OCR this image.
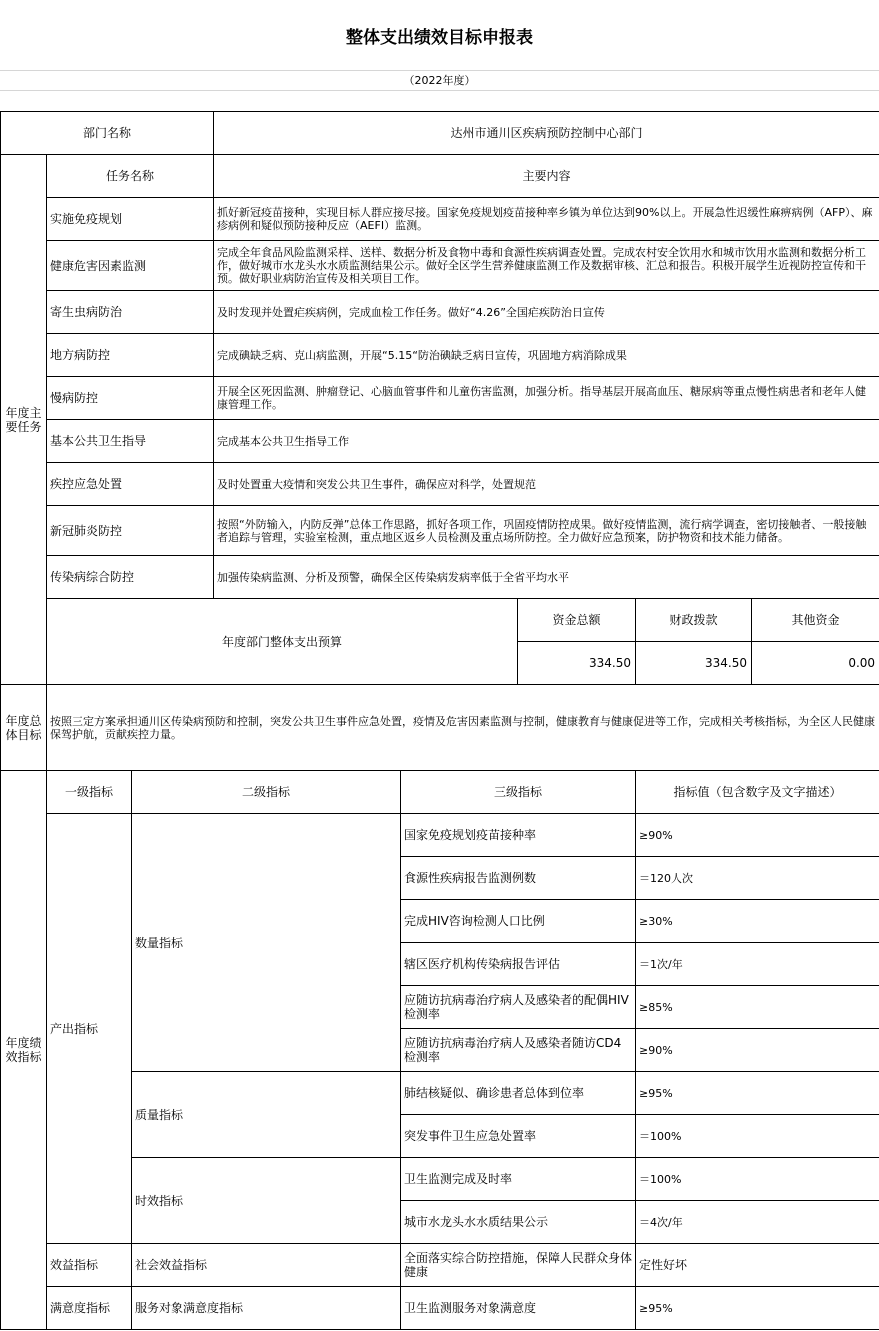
整体支出绩效目标申报表
（2022年度）
部门名称			达州市通川区疾病预防控制中心部门				
年度主要任务	任务名称		主要内容				
	实施免疫规划		抓好新冠疫苗接种，实现目标人群应接尽接。国家免疫规划疫苗接种率乡镇为单位达到90%以上。开展急性迟缓性麻痹病例（AFP）、麻疹病例和疑似预防接种反应（AEFI）监测。				
	健康危害因素监测		完成全年食品风险监测采样、送样、数据分析及食物中毒和食源性疾病调查处置。完成农村安全饮用水和城市饮用水监测和数据分析工作，做好城市水龙头水水质监测结果公示。做好全区学生营养健康监测工作及数据审核、汇总和报告。积极开展学生近视防控宣传和干预。做好职业病防治宣传及相关项目工作。				
	寄生虫病防治		及时发现并处置疟疾病例，完成血检工作任务。做好“4.26”全国疟疾防治日宣传				
	地方病防控		完成碘缺乏病、克山病监测，开展“5.15“防治碘缺乏病日宣传，巩固地方病消除成果				
	慢病防控		开展全区死因监测、肿瘤登记、心脑血管事件和儿童伤害监测，加强分析。指导基层开展高血压、糖尿病等重点慢性病患者和老年人健康管理工作。				
	基本公共卫生指导		完成基本公共卫生指导工作				
	疾控应急处置		及时处置重大疫情和突发公共卫生事件，确保应对科学，处置规范				
	新冠肺炎防控		按照“外防输入，内防反弹”总体工作思路，抓好各项工作，巩固疫情防控成果。做好疫情监测，流行病学调查，密切接触者、一般接触者追踪与管理，实验室检测，重点地区返乡人员检测及重点场所防控。全力做好应急预案，防护物资和技术能力储备。				
	传染病综合防控		加强传染病监测、分析及预警，确保全区传染病发病率低于全省平均水平				
	年度部门整体支出预算				资金总额	财政拨款	其他资金
					334.50	334.50	0.00
年度总体目标	按照三定方案承担通川区传染病预防和控制，突发公共卫生事件应急处置，疫情及危害因素监测与控制，健康教育与健康促进等工作，完成相关考核指标，为全区人民健康保驾护航，贡献疾控力量。						
年度绩效指标	一级指标	二级指标		三级指标		指标值（包含数字及文字描述）	
	产出指标	数量指标		国家免疫规划疫苗接种率		≥90%	
				食源性疾病报告监测例数		＝120人次	
				完成HIV咨询检测人口比例		≥30%	
				辖区医疗机构传染病报告评估		＝1次/年	
				应随访抗病毒治疗病人及感染者的配偶HIV检测率		≥85%	
				应随访抗病毒治疗病人及感染者随访CD4检测率		≥90%	
		质量指标		肺结核疑似、确诊患者总体到位率		≥95%	
				突发事件卫生应急处置率		＝100%	
		时效指标		卫生监测完成及时率		＝100%	
				城市水龙头水水质结果公示		＝4次/年	
	效益指标	社会效益指标		全面落实综合防控措施，保障人民群众身体健康		定性好坏	
	满意度指标	服务对象满意度指标		卫生监测服务对象满意度		≥95%	
